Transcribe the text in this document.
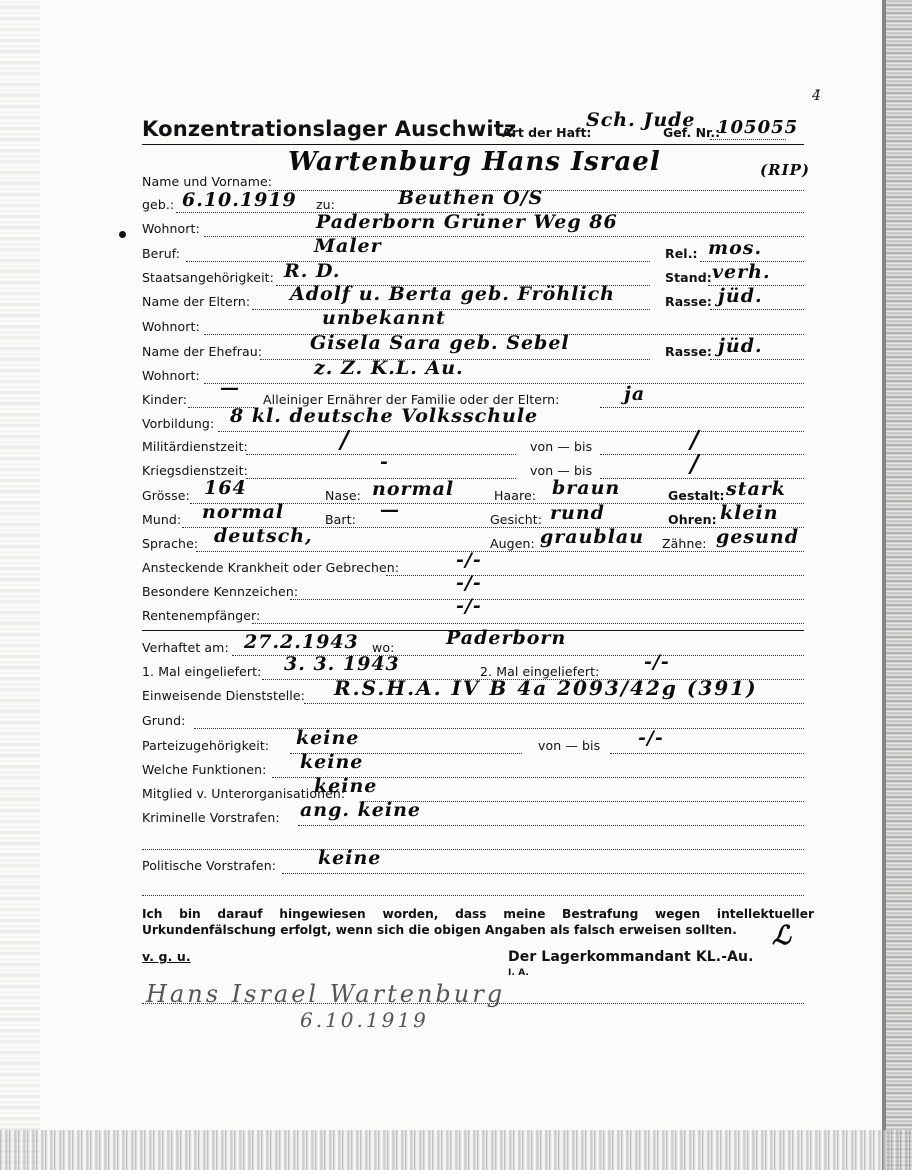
4̄
Konzentrationslager Auschwitz
Art der Haft:
Sch. Jude
Gef. Nr.:
105055
(RIP)
Name und Vorname:
Wartenburg Hans Israel
geb.: 6.10.1919 zu:	Beuthen O/S
Wohnort:	Paderborn Grüner Weg 86
Beruf:	Maler	Rel.: mos.
Staatsangehörigkeit: R. D.	Stand: verh.
Name der Eltern: Adolf u. Berta geb. Fröhlich	Rasse: jüd.
Wohnort:	unbekannt
Name der Ehefrau:	Gisela Sara geb. Sebel	Rasse: jüd.
Wohnort:	z. Z. K.L. Au.
Kinder:
—
Alleiniger Ernährer der Familie oder der Eltern:	ja
Vorbildung: 8 kl. deutsche Volksschule
Militärdienstzeit:	/	von — bis	/
Kriegsdienstzeit:	-	von — bis	/
Grösse: 164	Nase: normal	Haare: braun	Gestalt: stark
Mund: normal	Bart: —	Gesicht: rund	Ohren: klein
Sprache: deutsch,	Augen: graublau Zähne: gesund
Ansteckende Krankheit oder Gebrechen:	-/-
Besondere Kennzeichen:	-/-
Rentenempfänger:	-/-
Verhaftet am: 27.2.1943 wo:	Paderborn
1. Mal eingeliefert: 3. 3. 1943	2. Mal eingeliefert: -/-
Einweisende Dienststelle: R.S.H.A. IV B 4a 2093/42g (391)
Grund:
Parteizugehörigkeit: keine	von — bis -/-
Welche Funktionen: keine
Mitglied v. Unterorganisationen:
keine
Kriminelle Vorstrafen: ang. keine
Politische Vorstrafen: keine
Ich bin darauf hingewiesen worden, dass meine Bestrafung wegen intellektueller Urkundenfälschung erfolgt, wenn sich die obigen Angaben als falsch erweisen sollten.
v. g. u.	Der Lagerkommandant KL.-Au.
ℒ
I. A.
Hans Israel Wartenburg
6.10.1919
